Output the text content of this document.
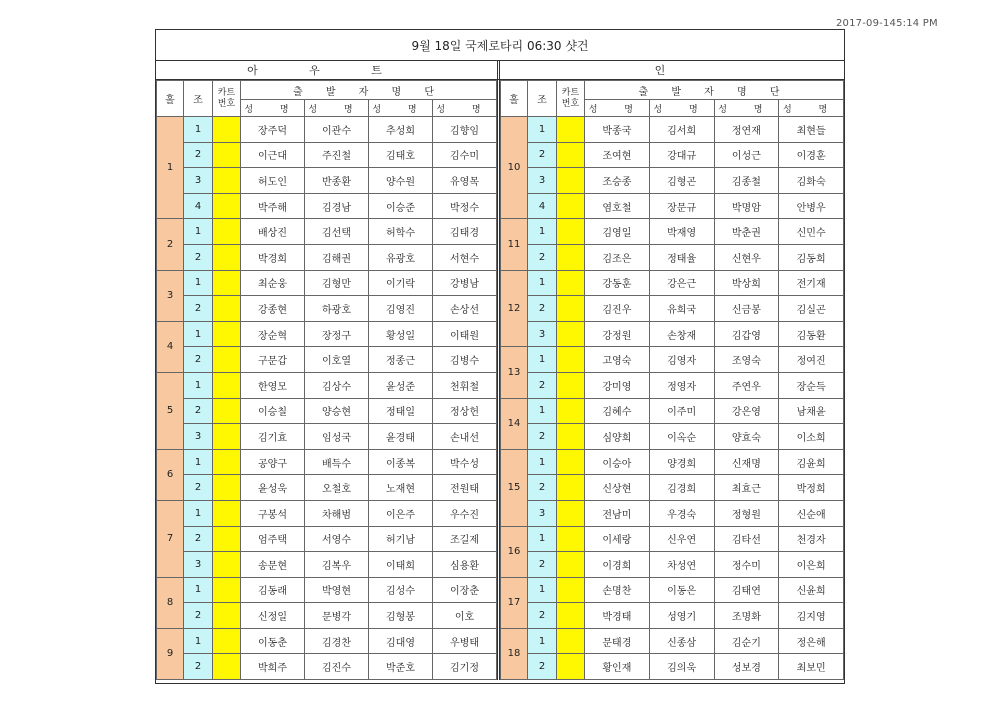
2017-09-145:14 PM
9월 18일 국제로타리 06:30 샷건
아 우 트	인
홀	조	카트
번호	출 발 자 명 단			
			성 명	성 명	성 명	성 명
1	1		장주덕	이관수	추성희	김향임
	2		이근대	주진철	김태호	김수미
	3		허도인	반종환	양수원	유영목
	4		박주해	김경남	이승준	박정수
2	1		배상진	김선택	허학수	김태경
	2		박경희	김해권	유광호	서현수
3	1		최순웅	김형만	이기락	강병남
	2		강종현	하광호	김영진	손상선
4	1		장순혁	장정구	황성일	이태원
	2		구문갑	이호열	정종근	김병수
5	1		한영모	김상수	윤성준	천휘철
	2		이승칠	양승현	정태일	정상헌
	3		김기효	임성국	윤경태	손내선
6	1		공양구	배득수	이종복	박수성
	2		윤성욱	오철호	노재현	전원태
7	1		구봉석	차해범	이은주	우수진
	2		엄주택	서영수	허기남	조길제
	3		송문현	김복우	이태희	심용환
8	1		김동래	박영현	김성수	이장춘
	2		신정일	문병각	김형봉	이호
9	1		이동춘	김경찬	김대영	우병태
	2		박희주	김진수	박준호	김기정
홀	조	카트
번호	출 발 자 명 단			
			성 명	성 명	성 명	성 명
10	1		박종국	김서희	정연재	최현들
	2		조여현	강대규	이성근	이경훈
	3		조승종	김형곤	김종철	김화숙
	4		염호철	장문규	박명암	안병우
11	1		김영일	박재영	박춘권	신민수
	2		김조은	정태율	신현우	김동희
12	1		강동훈	강은근	박상희	전기재
	2		김진우	유희국	신금봉	김실곤
	3		강정원	손창재	김갑영	김동환
13	1		고영숙	김영자	조영숙	정여진
	2		강미영	정영자	주연우	장순득
14	1		김혜수	이주미	강은영	남채윤
	2		심양희	이옥순	양효숙	이소희
15	1		이승아	양경희	신재명	김윤희
	2		신상현	김경희	최효근	박정희
	3		전남미	우경숙	정형원	신순애
16	1		이세랑	신우연	김타선	천경자
	2		이경희	차성연	정수미	이은희
17	1		손명찬	이동은	김태연	신윤희
	2		박경태	성영기	조명화	김지영
18	1		문태경	신종삼	김순기	정은해
	2		황인재	김의욱	성보경	최보민
